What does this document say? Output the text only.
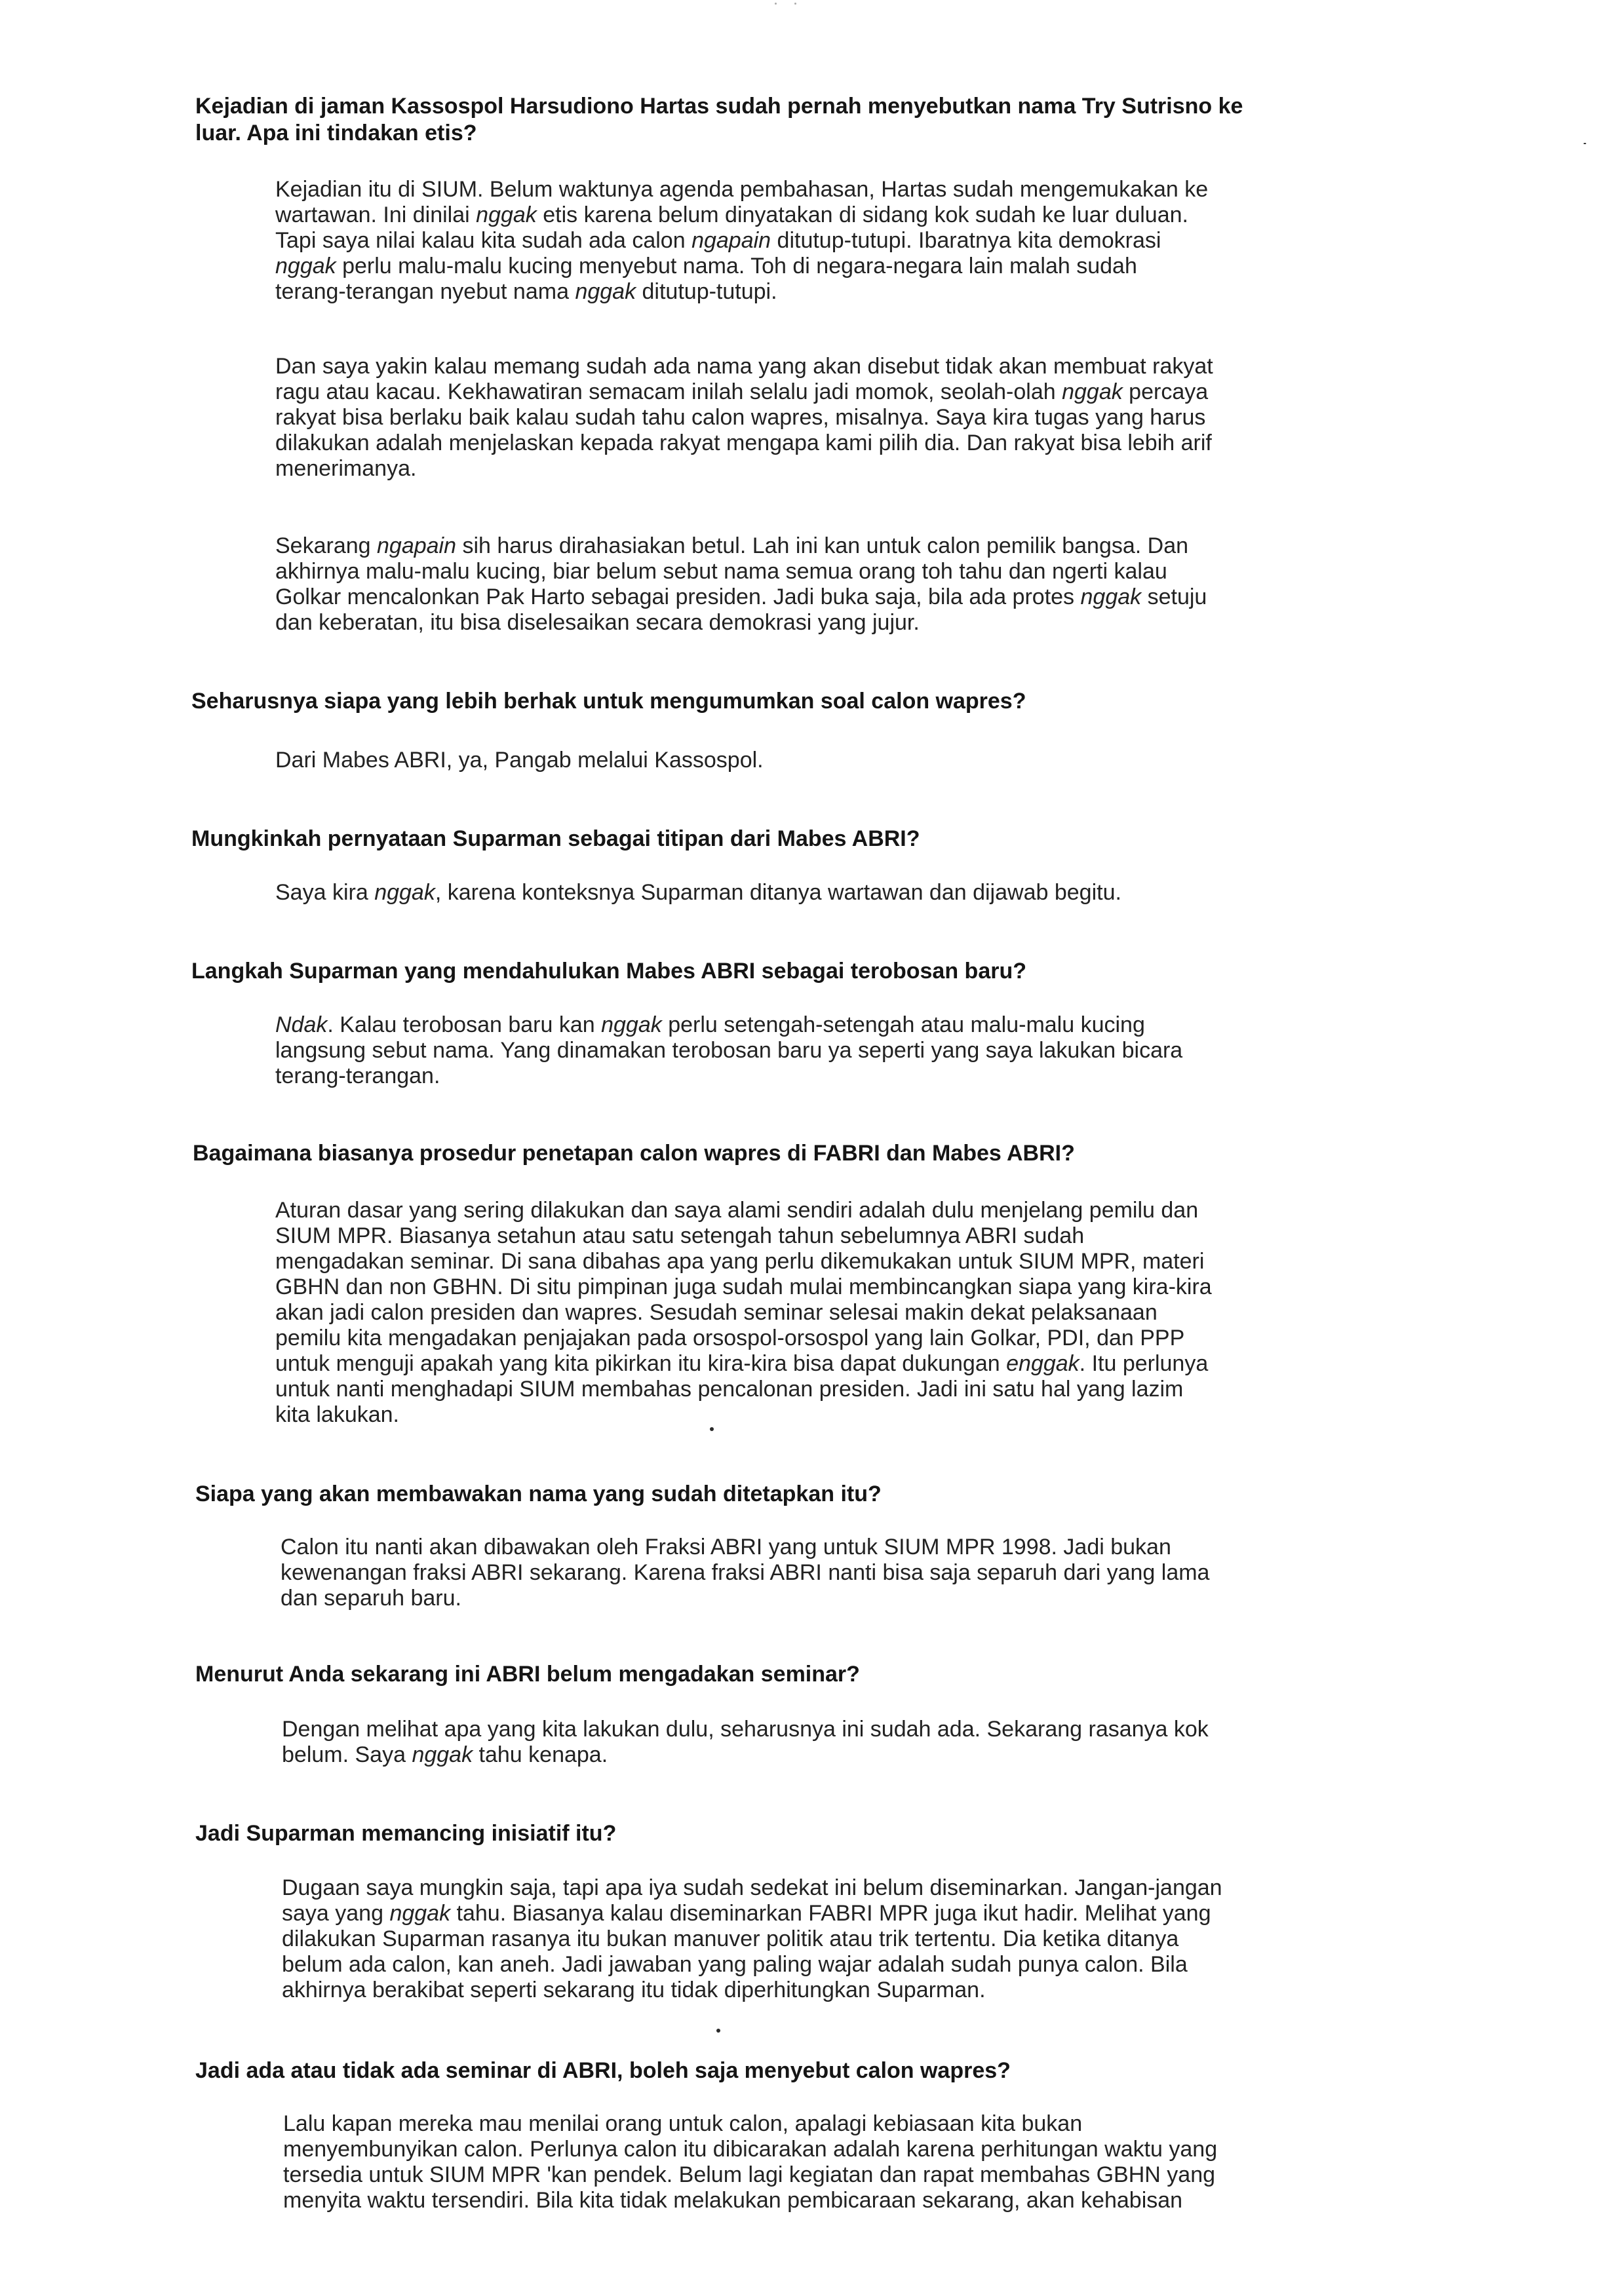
Kejadian di jaman Kassospol Harsudiono Hartas sudah pernah menyebutkan nama Try Sutrisno ke
luar. Apa ini tindakan etis?

Kejadian itu di SIUM. Belum waktunya agenda pembahasan, Hartas sudah mengemukakan ke
wartawan. Ini dinilai nggak etis karena belum dinyatakan di sidang kok sudah ke luar duluan.
Tapi saya nilai kalau kita sudah ada calon ngapain ditutup-tutupi. Ibaratnya kita demokrasi
nggak perlu malu-malu kucing menyebut nama. Toh di negara-negara lain malah sudah
terang-terangan nyebut nama nggak ditutup-tutupi.

Dan saya yakin kalau memang sudah ada nama yang akan disebut tidak akan membuat rakyat
ragu atau kacau. Kekhawatiran semacam inilah selalu jadi momok, seolah-olah nggak percaya
rakyat bisa berlaku baik kalau sudah tahu calon wapres, misalnya. Saya kira tugas yang harus
dilakukan adalah menjelaskan kepada rakyat mengapa kami pilih dia. Dan rakyat bisa lebih arif
menerimanya.

Sekarang ngapain sih harus dirahasiakan betul. Lah ini kan untuk calon pemilik bangsa. Dan
akhirnya malu-malu kucing, biar belum sebut nama semua orang toh tahu dan ngerti kalau
Golkar mencalonkan Pak Harto sebagai presiden. Jadi buka saja, bila ada protes nggak setuju
dan keberatan, itu bisa diselesaikan secara demokrasi yang jujur.

Seharusnya siapa yang lebih berhak untuk mengumumkan soal calon wapres?

Dari Mabes ABRI, ya, Pangab melalui Kassospol.

Mungkinkah pernyataan Suparman sebagai titipan dari Mabes ABRI?

Saya kira nggak, karena konteksnya Suparman ditanya wartawan dan dijawab begitu.

Langkah Suparman yang mendahulukan Mabes ABRI sebagai terobosan baru?

Ndak. Kalau terobosan baru kan nggak perlu setengah-setengah atau malu-malu kucing
langsung sebut nama. Yang dinamakan terobosan baru ya seperti yang saya lakukan bicara
terang-terangan.

Bagaimana biasanya prosedur penetapan calon wapres di FABRI dan Mabes ABRI?

Aturan dasar yang sering dilakukan dan saya alami sendiri adalah dulu menjelang pemilu dan
SIUM MPR. Biasanya setahun atau satu setengah tahun sebelumnya ABRI sudah
mengadakan seminar. Di sana dibahas apa yang perlu dikemukakan untuk SIUM MPR, materi
GBHN dan non GBHN. Di situ pimpinan juga sudah mulai membincangkan siapa yang kira-kira
akan jadi calon presiden dan wapres. Sesudah seminar selesai makin dekat pelaksanaan
pemilu kita mengadakan penjajakan pada orsospol-orsospol yang lain Golkar, PDI, dan PPP
untuk menguji apakah yang kita pikirkan itu kira-kira bisa dapat dukungan enggak. Itu perlunya
untuk nanti menghadapi SIUM membahas pencalonan presiden. Jadi ini satu hal yang lazim
kita lakukan.

Siapa yang akan membawakan nama yang sudah ditetapkan itu?

Calon itu nanti akan dibawakan oleh Fraksi ABRI yang untuk SIUM MPR 1998. Jadi bukan
kewenangan fraksi ABRI sekarang. Karena fraksi ABRI nanti bisa saja separuh dari yang lama
dan separuh baru.

Menurut Anda sekarang ini ABRI belum mengadakan seminar?

Dengan melihat apa yang kita lakukan dulu, seharusnya ini sudah ada. Sekarang rasanya kok
belum. Saya nggak tahu kenapa.

Jadi Suparman memancing inisiatif itu?

Dugaan saya mungkin saja, tapi apa iya sudah sedekat ini belum diseminarkan. Jangan-jangan
saya yang nggak tahu. Biasanya kalau diseminarkan FABRI MPR juga ikut hadir. Melihat yang
dilakukan Suparman rasanya itu bukan manuver politik atau trik tertentu. Dia ketika ditanya
belum ada calon, kan aneh. Jadi jawaban yang paling wajar adalah sudah punya calon. Bila
akhirnya berakibat seperti sekarang itu tidak diperhitungkan Suparman.

Jadi ada atau tidak ada seminar di ABRI, boleh saja menyebut calon wapres?

Lalu kapan mereka mau menilai orang untuk calon, apalagi kebiasaan kita bukan
menyembunyikan calon. Perlunya calon itu dibicarakan adalah karena perhitungan waktu yang
tersedia untuk SIUM MPR 'kan pendek. Belum lagi kegiatan dan rapat membahas GBHN yang
menyita waktu tersendiri. Bila kita tidak melakukan pembicaraan sekarang, akan kehabisan
